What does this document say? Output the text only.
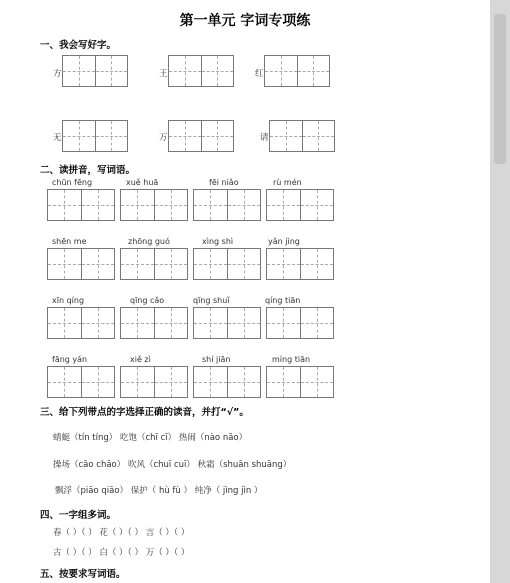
第一单元 字词专项练
一、我会写好字。
方	王	红
无	万	请
二、读拼音，写词语。
chūn fēng	xuě huā	fēi niǎo	rù mén
shēn me	zhōng guó	xìng shì	yǎn jìng
xīn qíng	qīng cǎo	qīng shuǐ	qíng tiān
fāng yán	xiě zì	shí jiān	míng tiān
三、给下列带点的字选择正确的读音，并打“√”。
蜻蜓（tín tíng） 吃饱（chī cī） 热闹（nào não）
操场（cāo chāo） 吹风（chuī cuī） 秋霜（shuān shuāng）
飘浮（piāo qiāo） 保护（ hù fù ） 纯净（ jìng jìn ）
四、一字组多词。
春（ ）（ ） 花（ ）（ ） 言（ ）（ ）
古（ ）（ ） 白（ ）（ ） 万（ ）（ ）
五、按要求写词语。
